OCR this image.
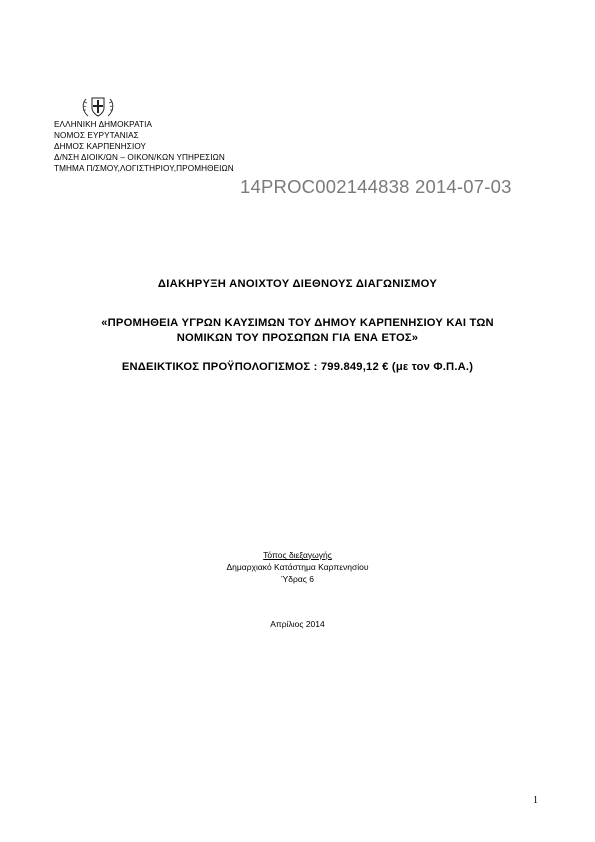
ΕΛΛΗΝΙΚΗ ΔΗΜΟΚΡΑΤΙΑ
ΝΟΜΟΣ ΕΥΡΥΤΑΝΙΑΣ
ΔΗΜΟΣ ΚΑΡΠΕΝΗΣΙΟΥ
Δ/ΝΣΗ ΔΙΟΙΚ/ΩΝ – ΟΙΚΟΝ/ΚΩΝ ΥΠΗΡΕΣΙΩΝ
ΤΜΗΜΑ Π/ΣΜΟΥ,ΛΟΓΙΣΤΗΡΙΟΥ,ΠΡΟΜΗΘΕΙΩΝ
14PROC002144838 2014-07-03
ΔΙΑΚΗΡΥΞΗ ΑΝΟΙΧΤΟΥ ΔΙΕΘΝΟΥΣ ΔΙΑΓΩΝΙΣΜΟΥ
«ΠΡΟΜΗΘΕΙΑ ΥΓΡΩΝ ΚΑΥΣΙΜΩΝ ΤΟΥ ΔΗΜΟΥ ΚΑΡΠΕΝΗΣΙΟΥ ΚΑΙ ΤΩΝ
ΝΟΜΙΚΩΝ ΤΟΥ ΠΡΟΣΩΠΩΝ ΓΙΑ ΕΝΑ ΕΤΟΣ»
ΕΝΔΕΙΚΤΙΚΟΣ ΠΡΟΫΠΟΛΟΓΙΣΜΟΣ : 799.849,12 € (με τον Φ.Π.Α.)
Τόπος διεξαγωγής
Δημαρχιακό Κατάστημα Καρπενησίου
Ύδρας 6
Απρίλιος 2014
1
